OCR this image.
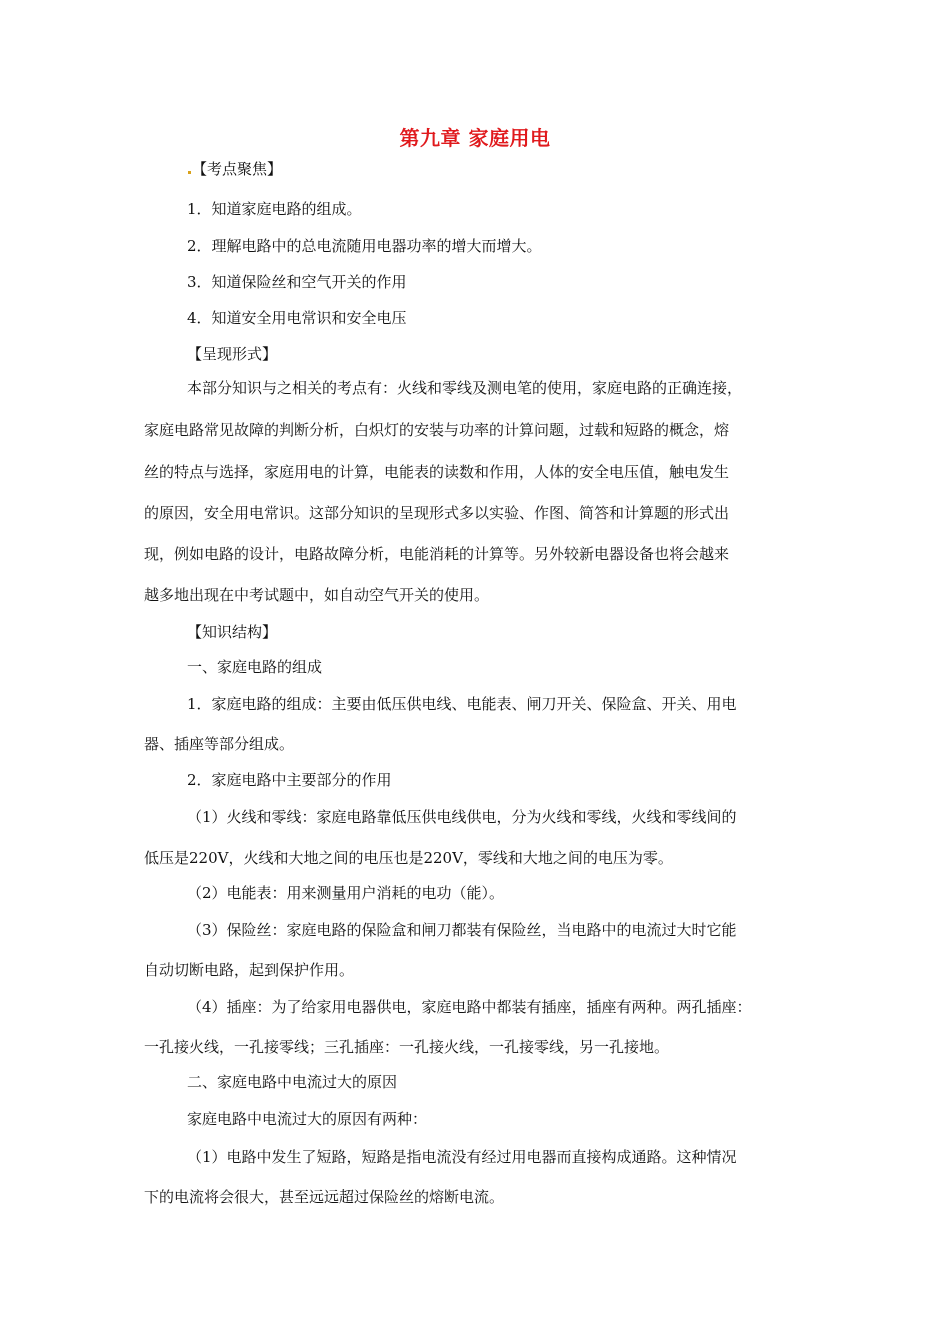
第九章 家庭用电
【考点聚焦】
1．知道家庭电路的组成。
2．理解电路中的总电流随用电器功率的增大而增大。
3．知道保险丝和空气开关的作用
4．知道安全用电常识和安全电压
【呈现形式】
本部分知识与之相关的考点有：火线和零线及测电笔的使用，家庭电路的正确连接，
家庭电路常见故障的判断分析，白炽灯的安装与功率的计算问题，过载和短路的概念，熔
丝的特点与选择，家庭用电的计算，电能表的读数和作用，人体的安全电压值，触电发生
的原因，安全用电常识。这部分知识的呈现形式多以实验、作图、简答和计算题的形式出
现，例如电路的设计，电路故障分析，电能消耗的计算等。另外较新电器设备也将会越来
越多地出现在中考试题中，如自动空气开关的使用。
【知识结构】
一、家庭电路的组成
1．家庭电路的组成：主要由低压供电线、电能表、闸刀开关、保险盒、开关、用电
器、插座等部分组成。
2．家庭电路中主要部分的作用
（1）火线和零线：家庭电路靠低压供电线供电，分为火线和零线，火线和零线间的
低压是220V，火线和大地之间的电压也是220V，零线和大地之间的电压为零。
（2）电能表：用来测量用户消耗的电功（能）。
（3）保险丝：家庭电路的保险盒和闸刀都装有保险丝，当电路中的电流过大时它能
自动切断电路，起到保护作用。
（4）插座：为了给家用电器供电，家庭电路中都装有插座，插座有两种。两孔插座：
一孔接火线，一孔接零线；三孔插座：一孔接火线，一孔接零线，另一孔接地。
二、家庭电路中电流过大的原因
家庭电路中电流过大的原因有两种：
（1）电路中发生了短路，短路是指电流没有经过用电器而直接构成通路。这种情况
下的电流将会很大，甚至远远超过保险丝的熔断电流。
